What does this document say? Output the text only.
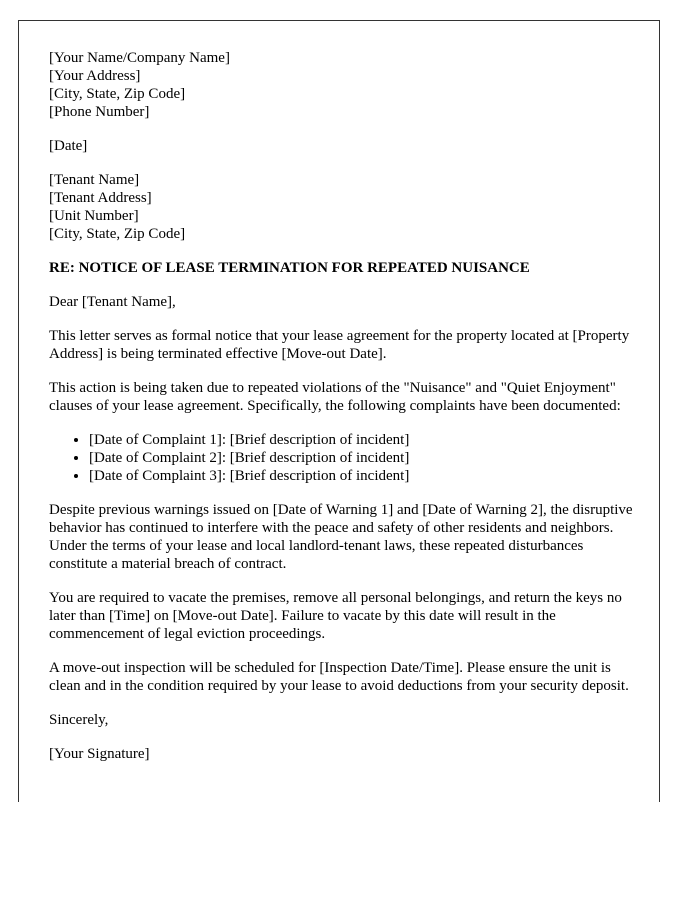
[Your Name/Company Name]
[Your Address]
[City, State, Zip Code]
[Phone Number]
[Date]
[Tenant Name]
[Tenant Address]
[Unit Number]
[City, State, Zip Code]
RE: NOTICE OF LEASE TERMINATION FOR REPEATED NUISANCE

Dear [Tenant Name],

This letter serves as formal notice that your lease agreement for the property located at [Property Address] is being terminated effective [Move-out Date].

This action is being taken due to repeated violations of the "Nuisance" and "Quiet Enjoyment" clauses of your lease agreement. Specifically, the following complaints have been documented:

• [Date of Complaint 1]: [Brief description of incident]
• [Date of Complaint 2]: [Brief description of incident]
• [Date of Complaint 3]: [Brief description of incident]

Despite previous warnings issued on [Date of Warning 1] and [Date of Warning 2], the disruptive behavior has continued to interfere with the peace and safety of other residents and neighbors. Under the terms of your lease and local landlord-tenant laws, these repeated disturbances constitute a material breach of contract.

You are required to vacate the premises, remove all personal belongings, and return the keys no later than [Time] on [Move-out Date]. Failure to vacate by this date will result in the commencement of legal eviction proceedings.

A move-out inspection will be scheduled for [Inspection Date/Time]. Please ensure the unit is clean and in the condition required by your lease to avoid deductions from your security deposit.

Sincerely,

[Your Signature]
